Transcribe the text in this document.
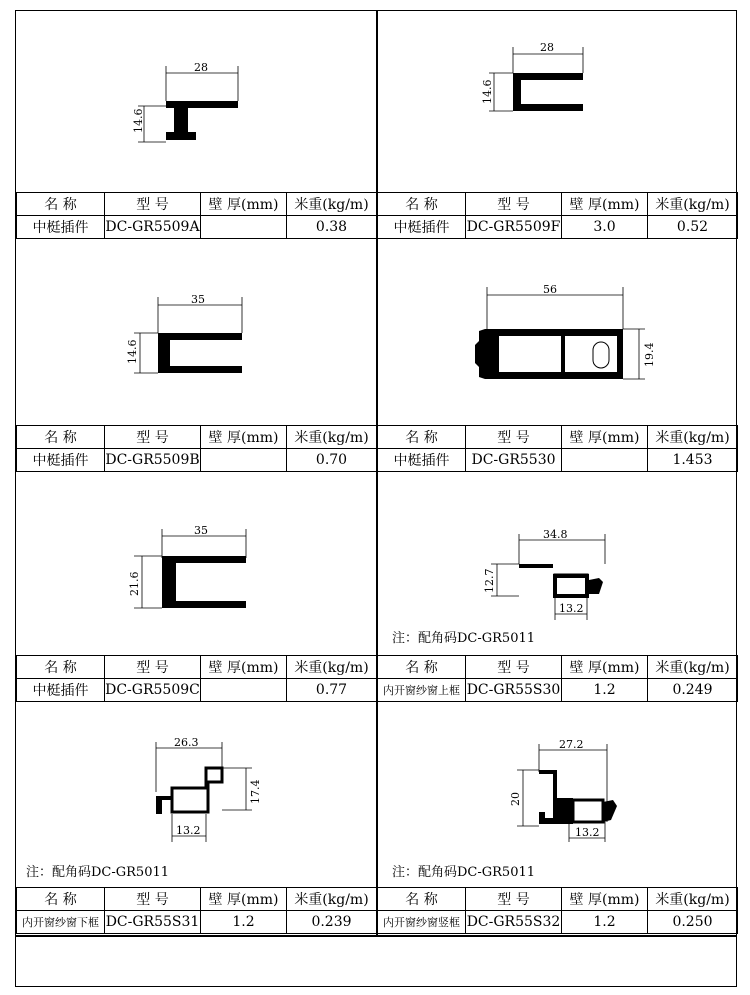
28
14.6
28
14.6
名 称	型 号	壁 厚(mm)	米重(kg/m)
中梃插件	DC-GR5509A		0.38
名 称	型 号	壁 厚(mm)	米重(kg/m)
中梃插件	DC-GR5509F	3.0	0.52
35
14.6
56
19.4
名 称	型 号	壁 厚(mm)	米重(kg/m)
中梃插件	DC-GR5509B		0.70
名 称	型 号	壁 厚(mm)	米重(kg/m)
中梃插件	DC-GR5530		1.453
35
21.6
34.8
12.7
13.2
注：配角码DC-GR5011
名 称	型 号	壁 厚(mm)	米重(kg/m)
中梃插件	DC-GR5509C		0.77
名 称	型 号	壁 厚(mm)	米重(kg/m)
内开窗纱窗上框	DC-GR55S30	1.2	0.249
26.3
17.4
13.2
注：配角码DC-GR5011
27.2
20
13.2
注：配角码DC-GR5011
名 称	型 号	壁 厚(mm)	米重(kg/m)
内开窗纱窗下框	DC-GR55S31	1.2	0.239
名 称	型 号	壁 厚(mm)	米重(kg/m)
内开窗纱窗竖框	DC-GR55S32	1.2	0.250
